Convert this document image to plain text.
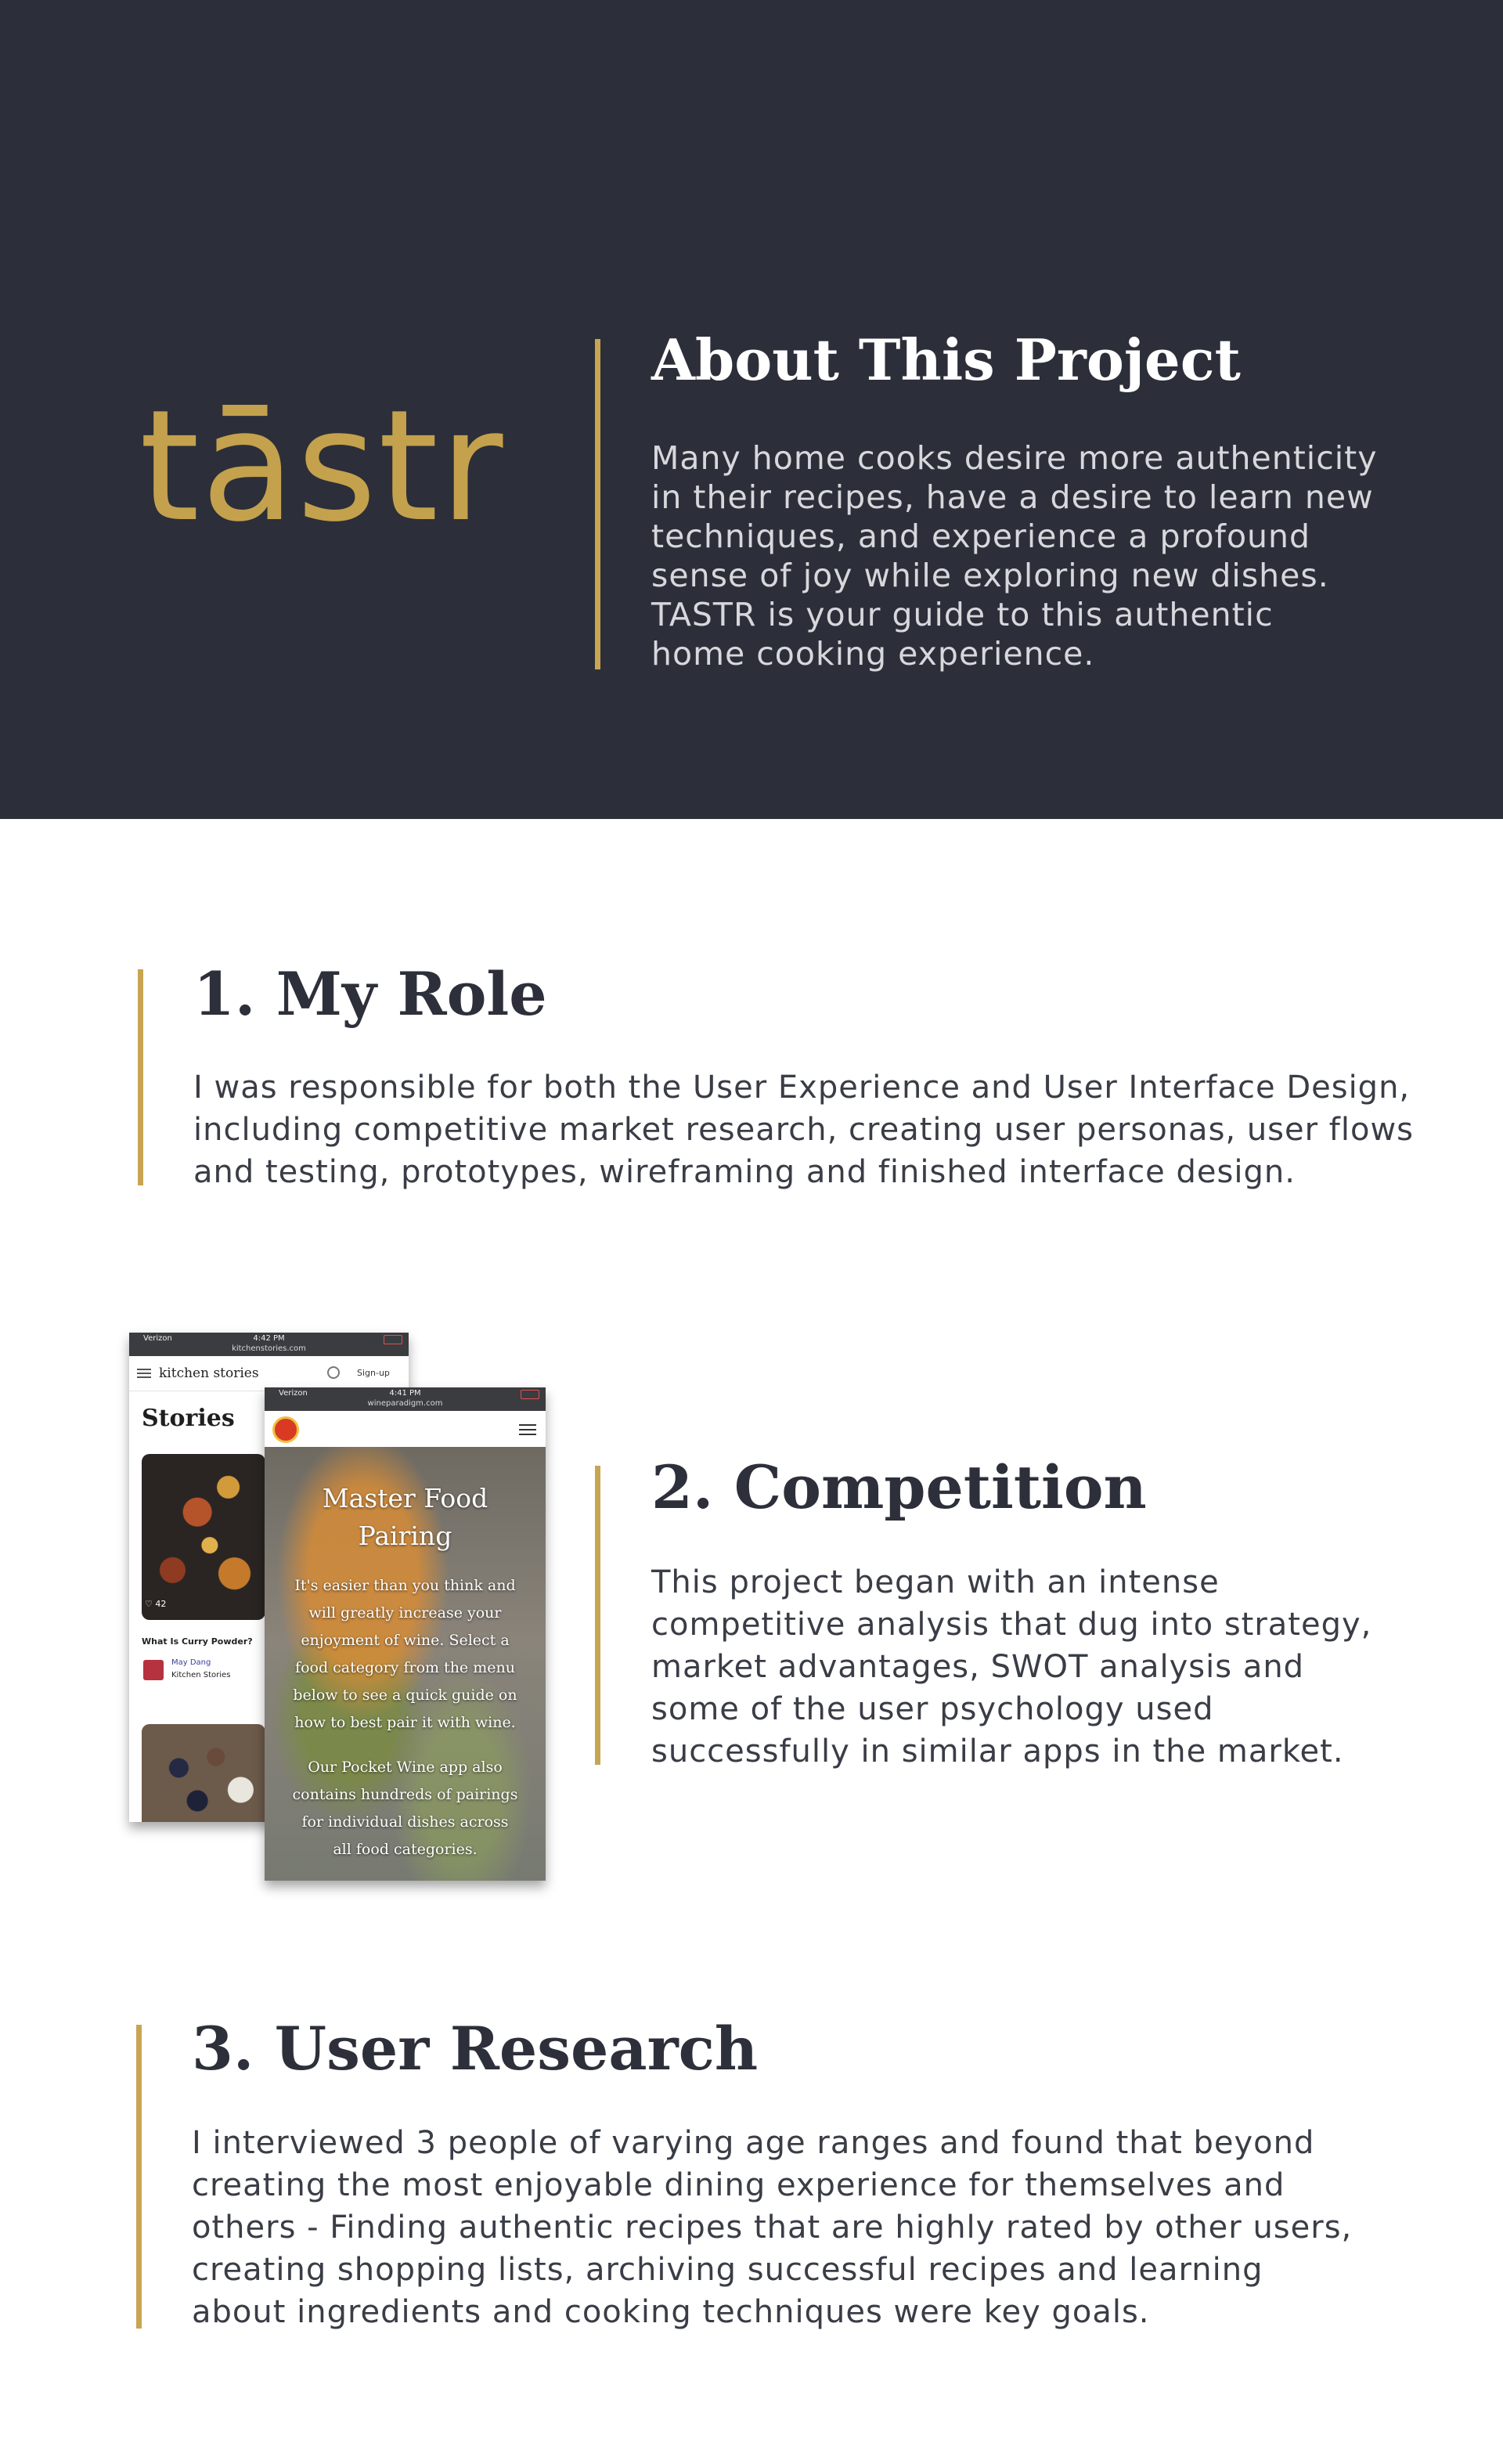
tāstr
About This Project
Many home cooks desire more authenticity
in their recipes, have a desire to learn new
techniques, and experience a profound
sense of joy while exploring new dishes.
TASTR is your guide to this authentic
home cooking experience.
1. My Role
I was responsible for both the User Experience and User Interface Design,
including competitive market research, creating user personas, user flows
and testing, prototypes, wireframing and finished interface design.
Verizon	4:42 PM
kitchenstories.com
kitchen stories	Sign-up
Stories
♡ 42
What Is Curry Powder?
May Dang
Kitchen Stories
Verizon	4:41 PM
wineparadigm.com
Master Food
Pairing
It's easier than you think and
will greatly increase your
enjoyment of wine. Select a
food category from the menu
below to see a quick guide on
how to best pair it with wine.
Our Pocket Wine app also
contains hundreds of pairings
for individual dishes across
all food categories.
2. Competition
This project began with an intense
competitive analysis that dug into strategy,
market advantages, SWOT analysis and
some of the user psychology used
successfully in similar apps in the market.
3. User Research
I interviewed 3 people of varying age ranges and found that beyond
creating the most enjoyable dining experience for themselves and
others - Finding authentic recipes that are highly rated by other users,
creating shopping lists, archiving successful recipes and learning
about ingredients and cooking techniques were key goals.
